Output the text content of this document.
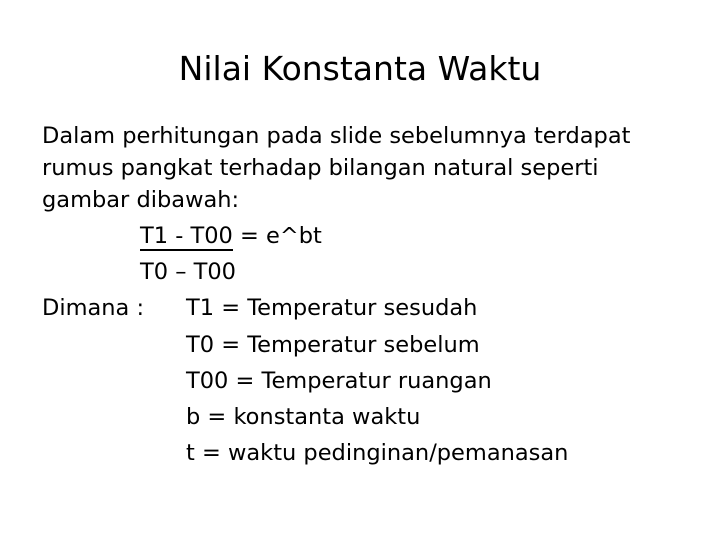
Nilai Konstanta Waktu
Dalam perhitungan pada slide sebelumnya terdapat
rumus pangkat terhadap bilangan natural seperti
gambar dibawah:
T1 - T00 = e^bt
T0 – T00
Dimana : T1 = Temperatur sesudah
T0 = Temperatur sebelum
T00 = Temperatur ruangan
b = konstanta waktu
t = waktu pedinginan/pemanasan
